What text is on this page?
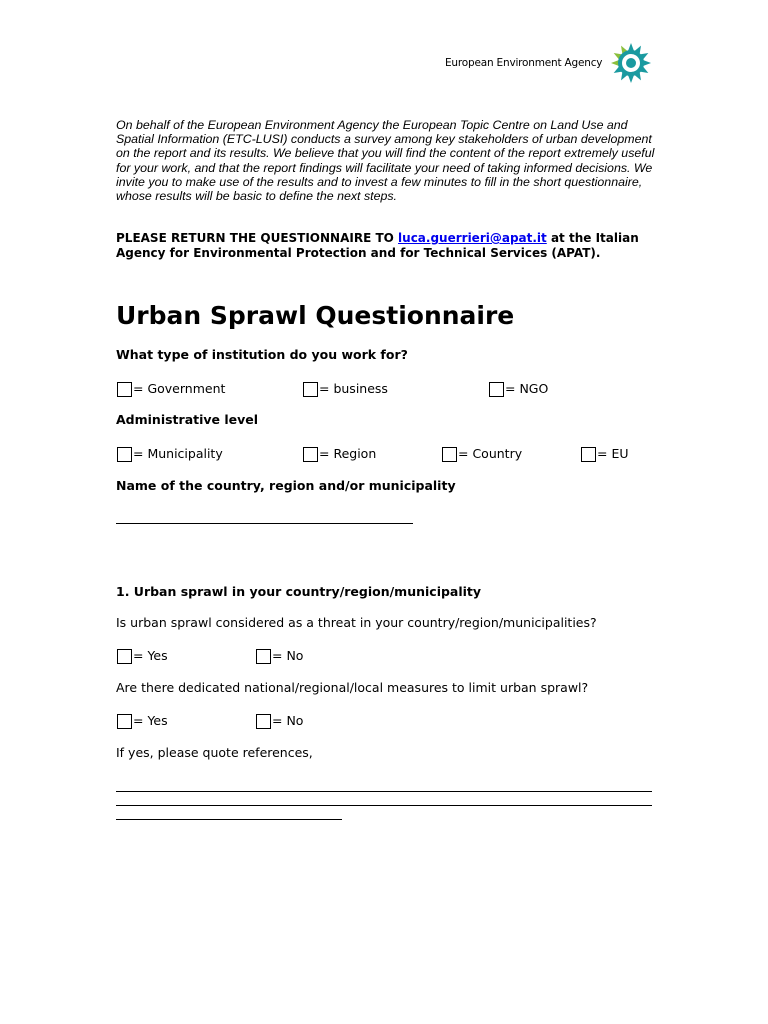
European Environment Agency

On behalf of the European Environment Agency the European Topic Centre on Land Use and Spatial Information (ETC-LUSI) conducts a survey among key stakeholders of urban development on the report and its results. We believe that you will find the content of the report extremely useful for your work, and that the report findings will facilitate your need of taking informed decisions. We invite you to make use of the results and to invest a few minutes to fill in the short questionnaire, whose results will be basic to define the next steps.

PLEASE RETURN THE QUESTIONNAIRE TO luca.guerrieri@apat.it at the Italian Agency for Environmental Protection and for Technical Services (APAT).

Urban Sprawl Questionnaire
What type of institution do you work for?
= Government	= business	= NGO
Administrative level
= Municipality	= Region	= Country	= EU
Name of the country, region and/or municipality
1. Urban sprawl in your country/region/municipality
Is urban sprawl considered as a threat in your country/region/municipalities?
= Yes	= No
Are there dedicated national/regional/local measures to limit urban sprawl?
= Yes	= No
If yes, please quote references,
